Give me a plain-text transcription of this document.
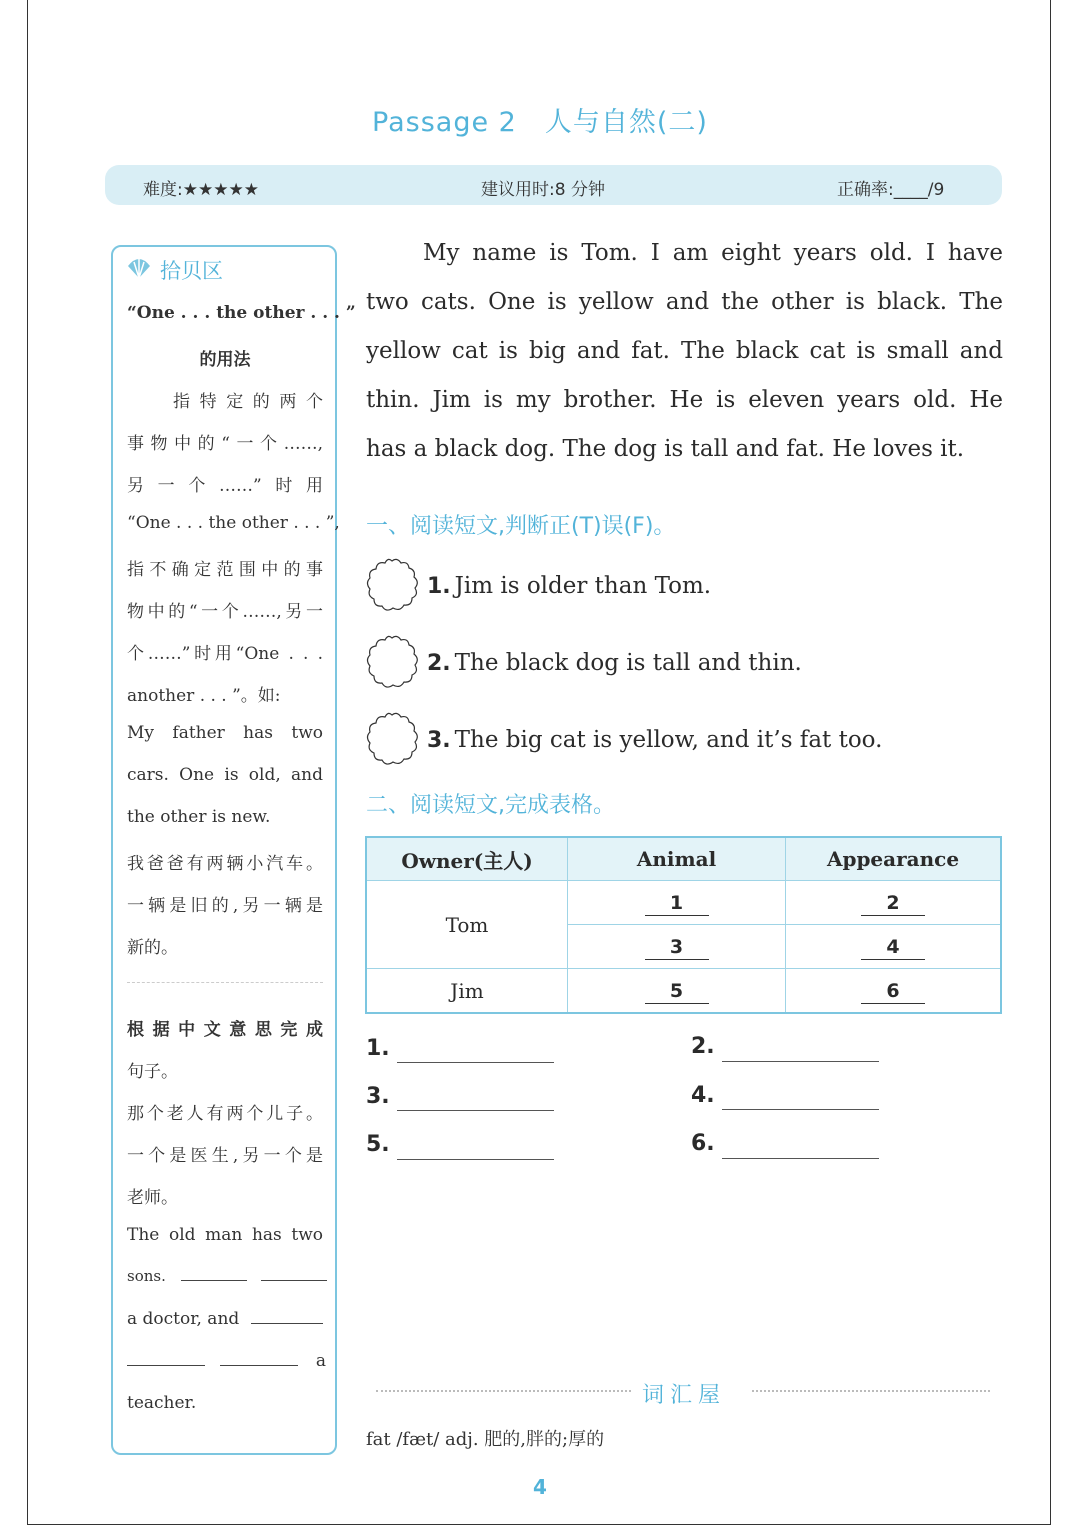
Passage 2 人与自然(二)
难度:★★★★★	建议用时:8 分钟	正确率:____/9
拾贝区
“One . . . the other . . . ”
的用法
指特定的两个
事物中的“一个……,
另一个……”时用
“One . . . the other . . . ”,
指不确定范围中的事
物中的“一个……,另一
个……”时用“One . . .
another . . . ”。如:
My father has two
cars. One is old, and
the other is new.
我爸爸有两辆小汽车。
一辆是旧的,另一辆是
新的。
根据中文意思完成
句子。
那个老人有两个儿子。
一个是医生,另一个是
老师。
The old man has two
sons.
a doctor, and
a
teacher.
My name is Tom. I am eight years old. I have
two cats. One is yellow and the other is black. The
yellow cat is big and fat. The black cat is small and
thin. Jim is my brother. He is eleven years old. He
has a black dog. The dog is tall and fat. He loves it.
一、阅读短文,判断正(T)误(F)。
1. Jim is older than Tom.
2. The black dog is tall and thin.
3. The big cat is yellow, and it’s fat too.
二、阅读短文,完成表格。
Owner(主人)	Animal	Appearance
Tom	1	2
	3	4
Jim	5	6
1.	2.
3.	4.
5.	6.
词汇屋
fat /fæt/ adj. 肥的,胖的;厚的
4
